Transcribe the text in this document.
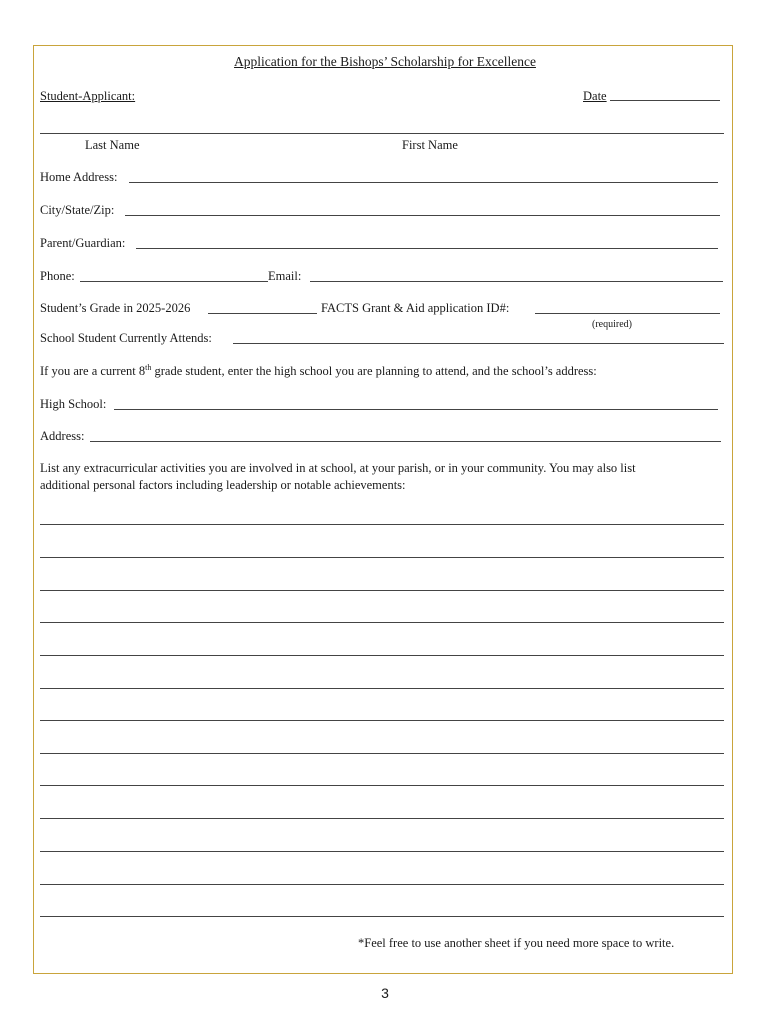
Application for the Bishops’ Scholarship for Excellence
Student-Applicant:	Date
Last Name	First Name
Home Address:
City/State/Zip:
Parent/Guardian:
Phone:	Email:
Student’s Grade in 2025-2026	FACTS Grant & Aid application ID#:
(required)
School Student Currently Attends:
If you are a current 8th grade student, enter the high school you are planning to attend, and the school’s address:
High School:
Address:
List any extracurricular activities you are involved in at school, at your parish, or in your community. You may also list
additional personal factors including leadership or notable achievements:
*Feel free to use another sheet if you need more space to write.
3
